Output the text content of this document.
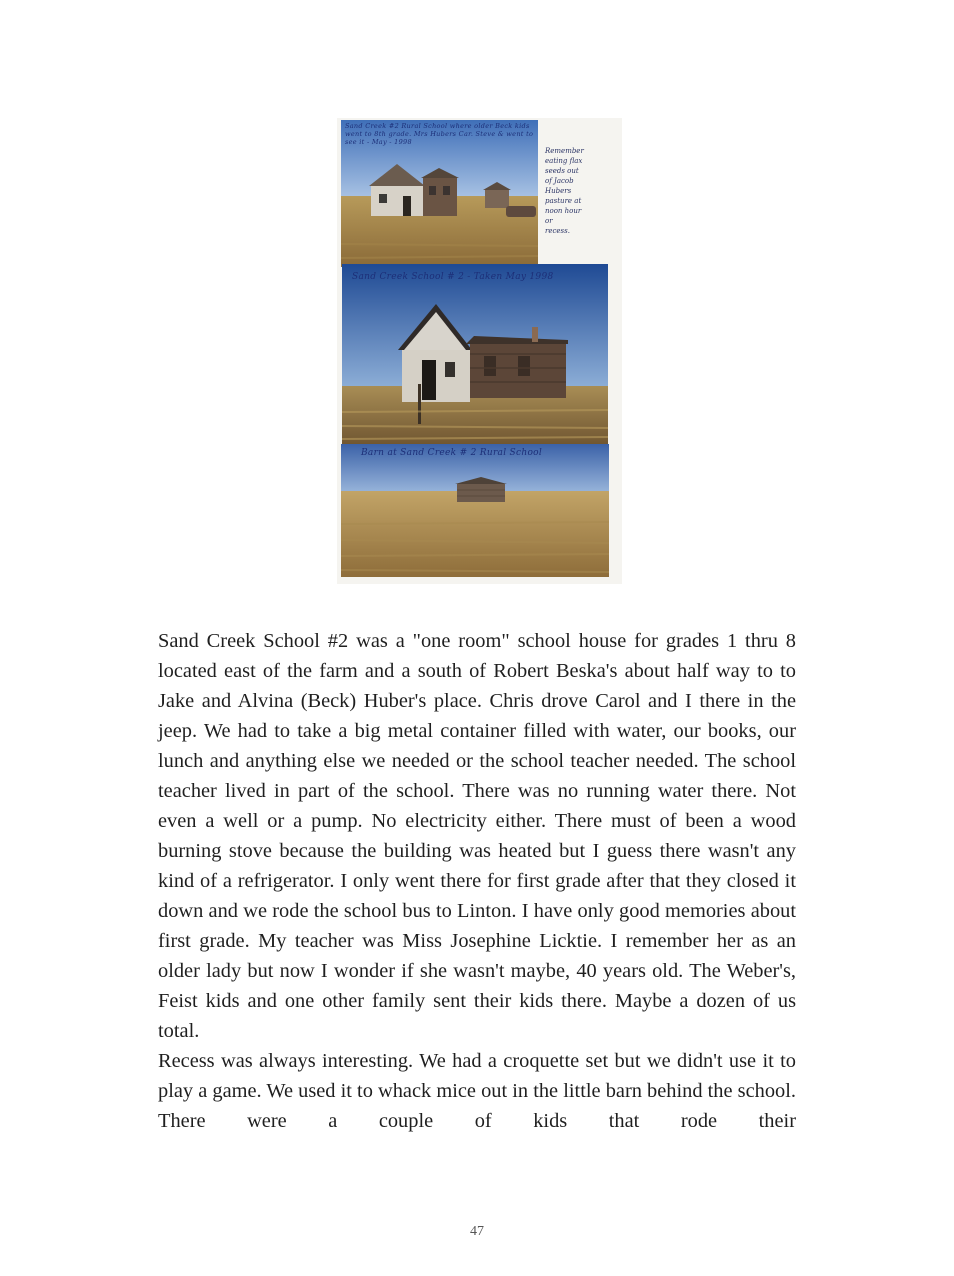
Sand Creek #2 Rural School where older Beck kids went to 8th grade. Mrs Hubers Car. Steve & went to see it - May - 1998
Remember
eating flax
seeds out
of Jacob
Hubers
pasture at
noon hour
or
recess.
Sand Creek School # 2 - Taken May 1998
Barn at Sand Creek # 2 Rural School

Sand Creek School #2 was a "one room" school house for grades 1 thru 8 located east of the farm and a south of Robert Beska's about half way to to Jake and Alvina (Beck) Huber's place. Chris drove Carol and I there in the jeep. We had to take a big metal container filled with water, our books, our lunch and anything else we needed or the school teacher needed. The school teacher lived in part of the school. There was no running water there. Not even a well or a pump. No electricity either. There must of been a wood burning stove because the building was heated but I guess there wasn't any kind of a refrigerator. I only went there for first grade after that they closed it down and we rode the school bus to Linton. I have only good memories about first grade. My teacher was Miss Josephine Licktie. I remember her as an older lady but now I wonder if she wasn't maybe, 40 years old. The Weber's, Feist kids and one other family sent their kids there. Maybe a dozen of us total.

Recess was always interesting. We had a croquette set but we didn't use it to play a game. We used it to whack mice out in the little barn behind the school. There were a couple of kids that rode their

47
